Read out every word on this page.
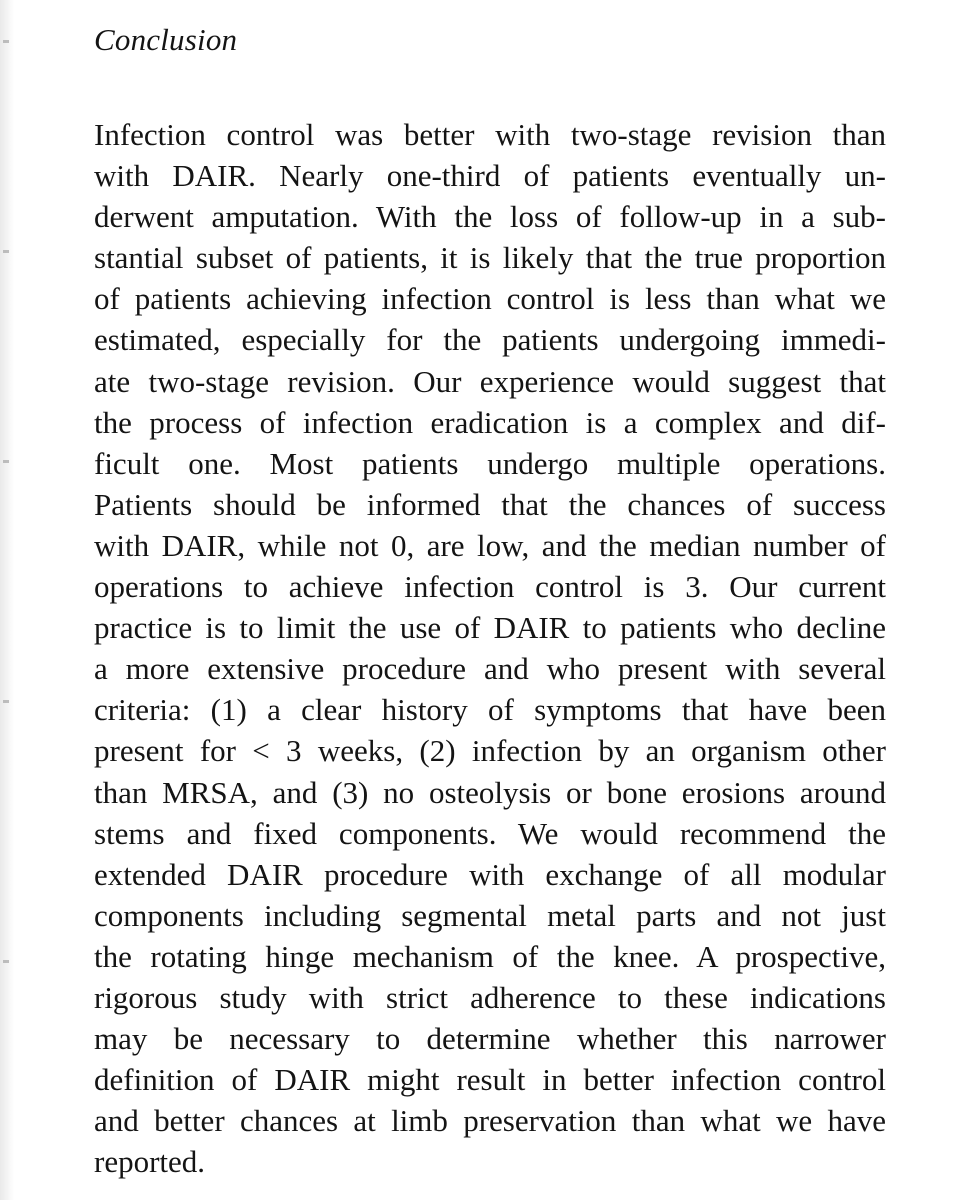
Conclusion
Infection control was better with two-stage revision than
with DAIR. Nearly one-third of patients eventually un-
derwent amputation. With the loss of follow-up in a sub-
stantial subset of patients, it is likely that the true proportion
of patients achieving infection control is less than what we
estimated, especially for the patients undergoing immedi-
ate two-stage revision. Our experience would suggest that
the process of infection eradication is a complex and dif-
ficult one. Most patients undergo multiple operations.
Patients should be informed that the chances of success
with DAIR, while not 0, are low, and the median number of
operations to achieve infection control is 3. Our current
practice is to limit the use of DAIR to patients who decline
a more extensive procedure and who present with several
criteria: (1) a clear history of symptoms that have been
present for < 3 weeks, (2) infection by an organism other
than MRSA, and (3) no osteolysis or bone erosions around
stems and fixed components. We would recommend the
extended DAIR procedure with exchange of all modular
components including segmental metal parts and not just
the rotating hinge mechanism of the knee. A prospective,
rigorous study with strict adherence to these indications
may be necessary to determine whether this narrower
definition of DAIR might result in better infection control
and better chances at limb preservation than what we have
reported.
